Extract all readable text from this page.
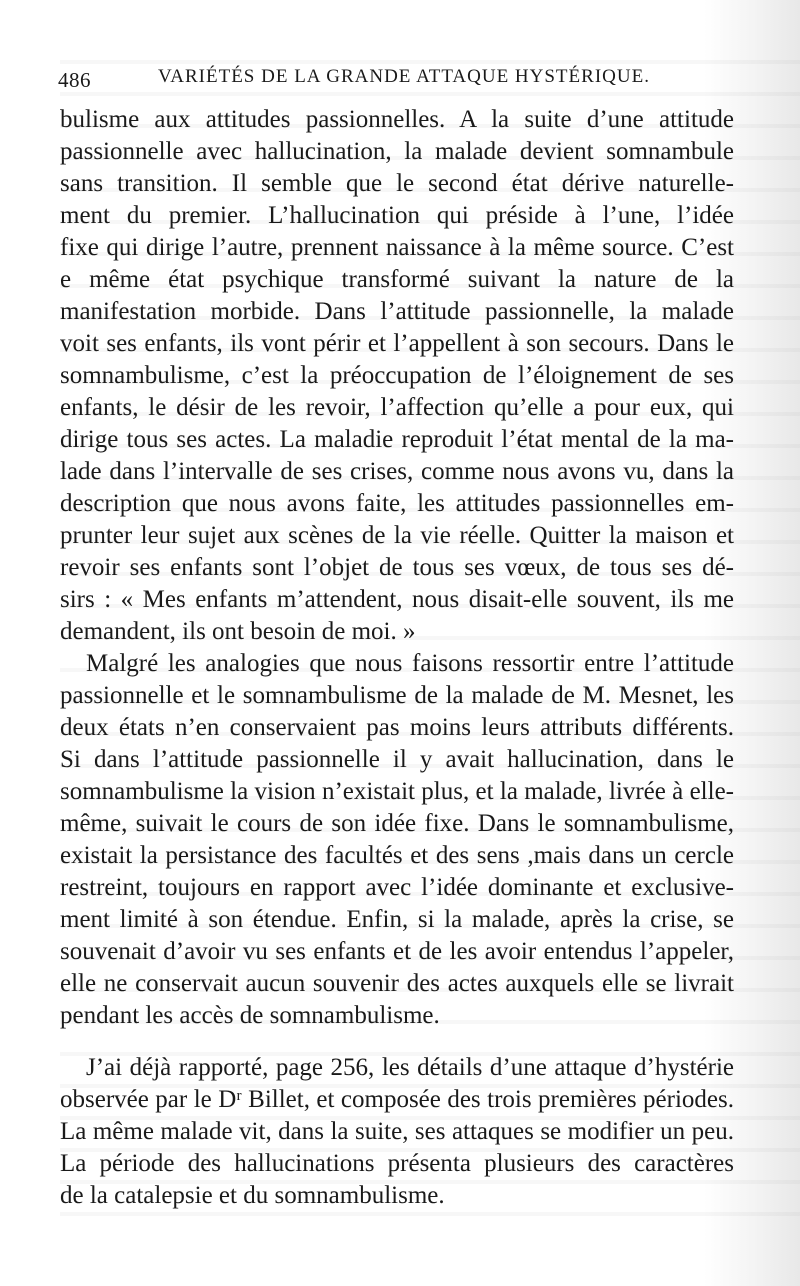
486	VARIÉTÉS DE LA GRANDE ATTAQUE HYSTÉRIQUE.
bulisme aux attitudes passionnelles. A la suite d’une attitude
passionnelle avec hallucination, la malade devient somnambule
sans transition. Il semble que le second état dérive naturelle-
ment du premier. L’hallucination qui préside à l’une, l’idée
fixe qui dirige l’autre, prennent naissance à la même source. C’est
e même état psychique transformé suivant la nature de la
manifestation morbide. Dans l’attitude passionnelle, la malade
voit ses enfants, ils vont périr et l’appellent à son secours. Dans le
somnambulisme, c’est la préoccupation de l’éloignement de ses
enfants, le désir de les revoir, l’affection qu’elle a pour eux, qui
dirige tous ses actes. La maladie reproduit l’état mental de la ma-
lade dans l’intervalle de ses crises, comme nous avons vu, dans la
description que nous avons faite, les attitudes passionnelles em-
prunter leur sujet aux scènes de la vie réelle. Quitter la maison et
revoir ses enfants sont l’objet de tous ses vœux, de tous ses dé-
sirs : « Mes enfants m’attendent, nous disait-elle souvent, ils me
demandent, ils ont besoin de moi. »
Malgré les analogies que nous faisons ressortir entre l’attitude
passionnelle et le somnambulisme de la malade de M. Mesnet, les
deux états n’en conservaient pas moins leurs attributs différents.
Si dans l’attitude passionnelle il y avait hallucination, dans le
somnambulisme la vision n’existait plus, et la malade, livrée à elle-
même, suivait le cours de son idée fixe. Dans le somnambulisme,
existait la persistance des facultés et des sens ,mais dans un cercle
restreint, toujours en rapport avec l’idée dominante et exclusive-
ment limité à son étendue. Enfin, si la malade, après la crise, se
souvenait d’avoir vu ses enfants et de les avoir entendus l’appeler,
elle ne conservait aucun souvenir des actes auxquels elle se livrait
pendant les accès de somnambulisme.
J’ai déjà rapporté, page 256, les détails d’une attaque d’hystérie
observée par le Dʳ Billet, et composée des trois premières périodes.
La même malade vit, dans la suite, ses attaques se modifier un peu.
La période des hallucinations présenta plusieurs des caractères
de la catalepsie et du somnambulisme.
